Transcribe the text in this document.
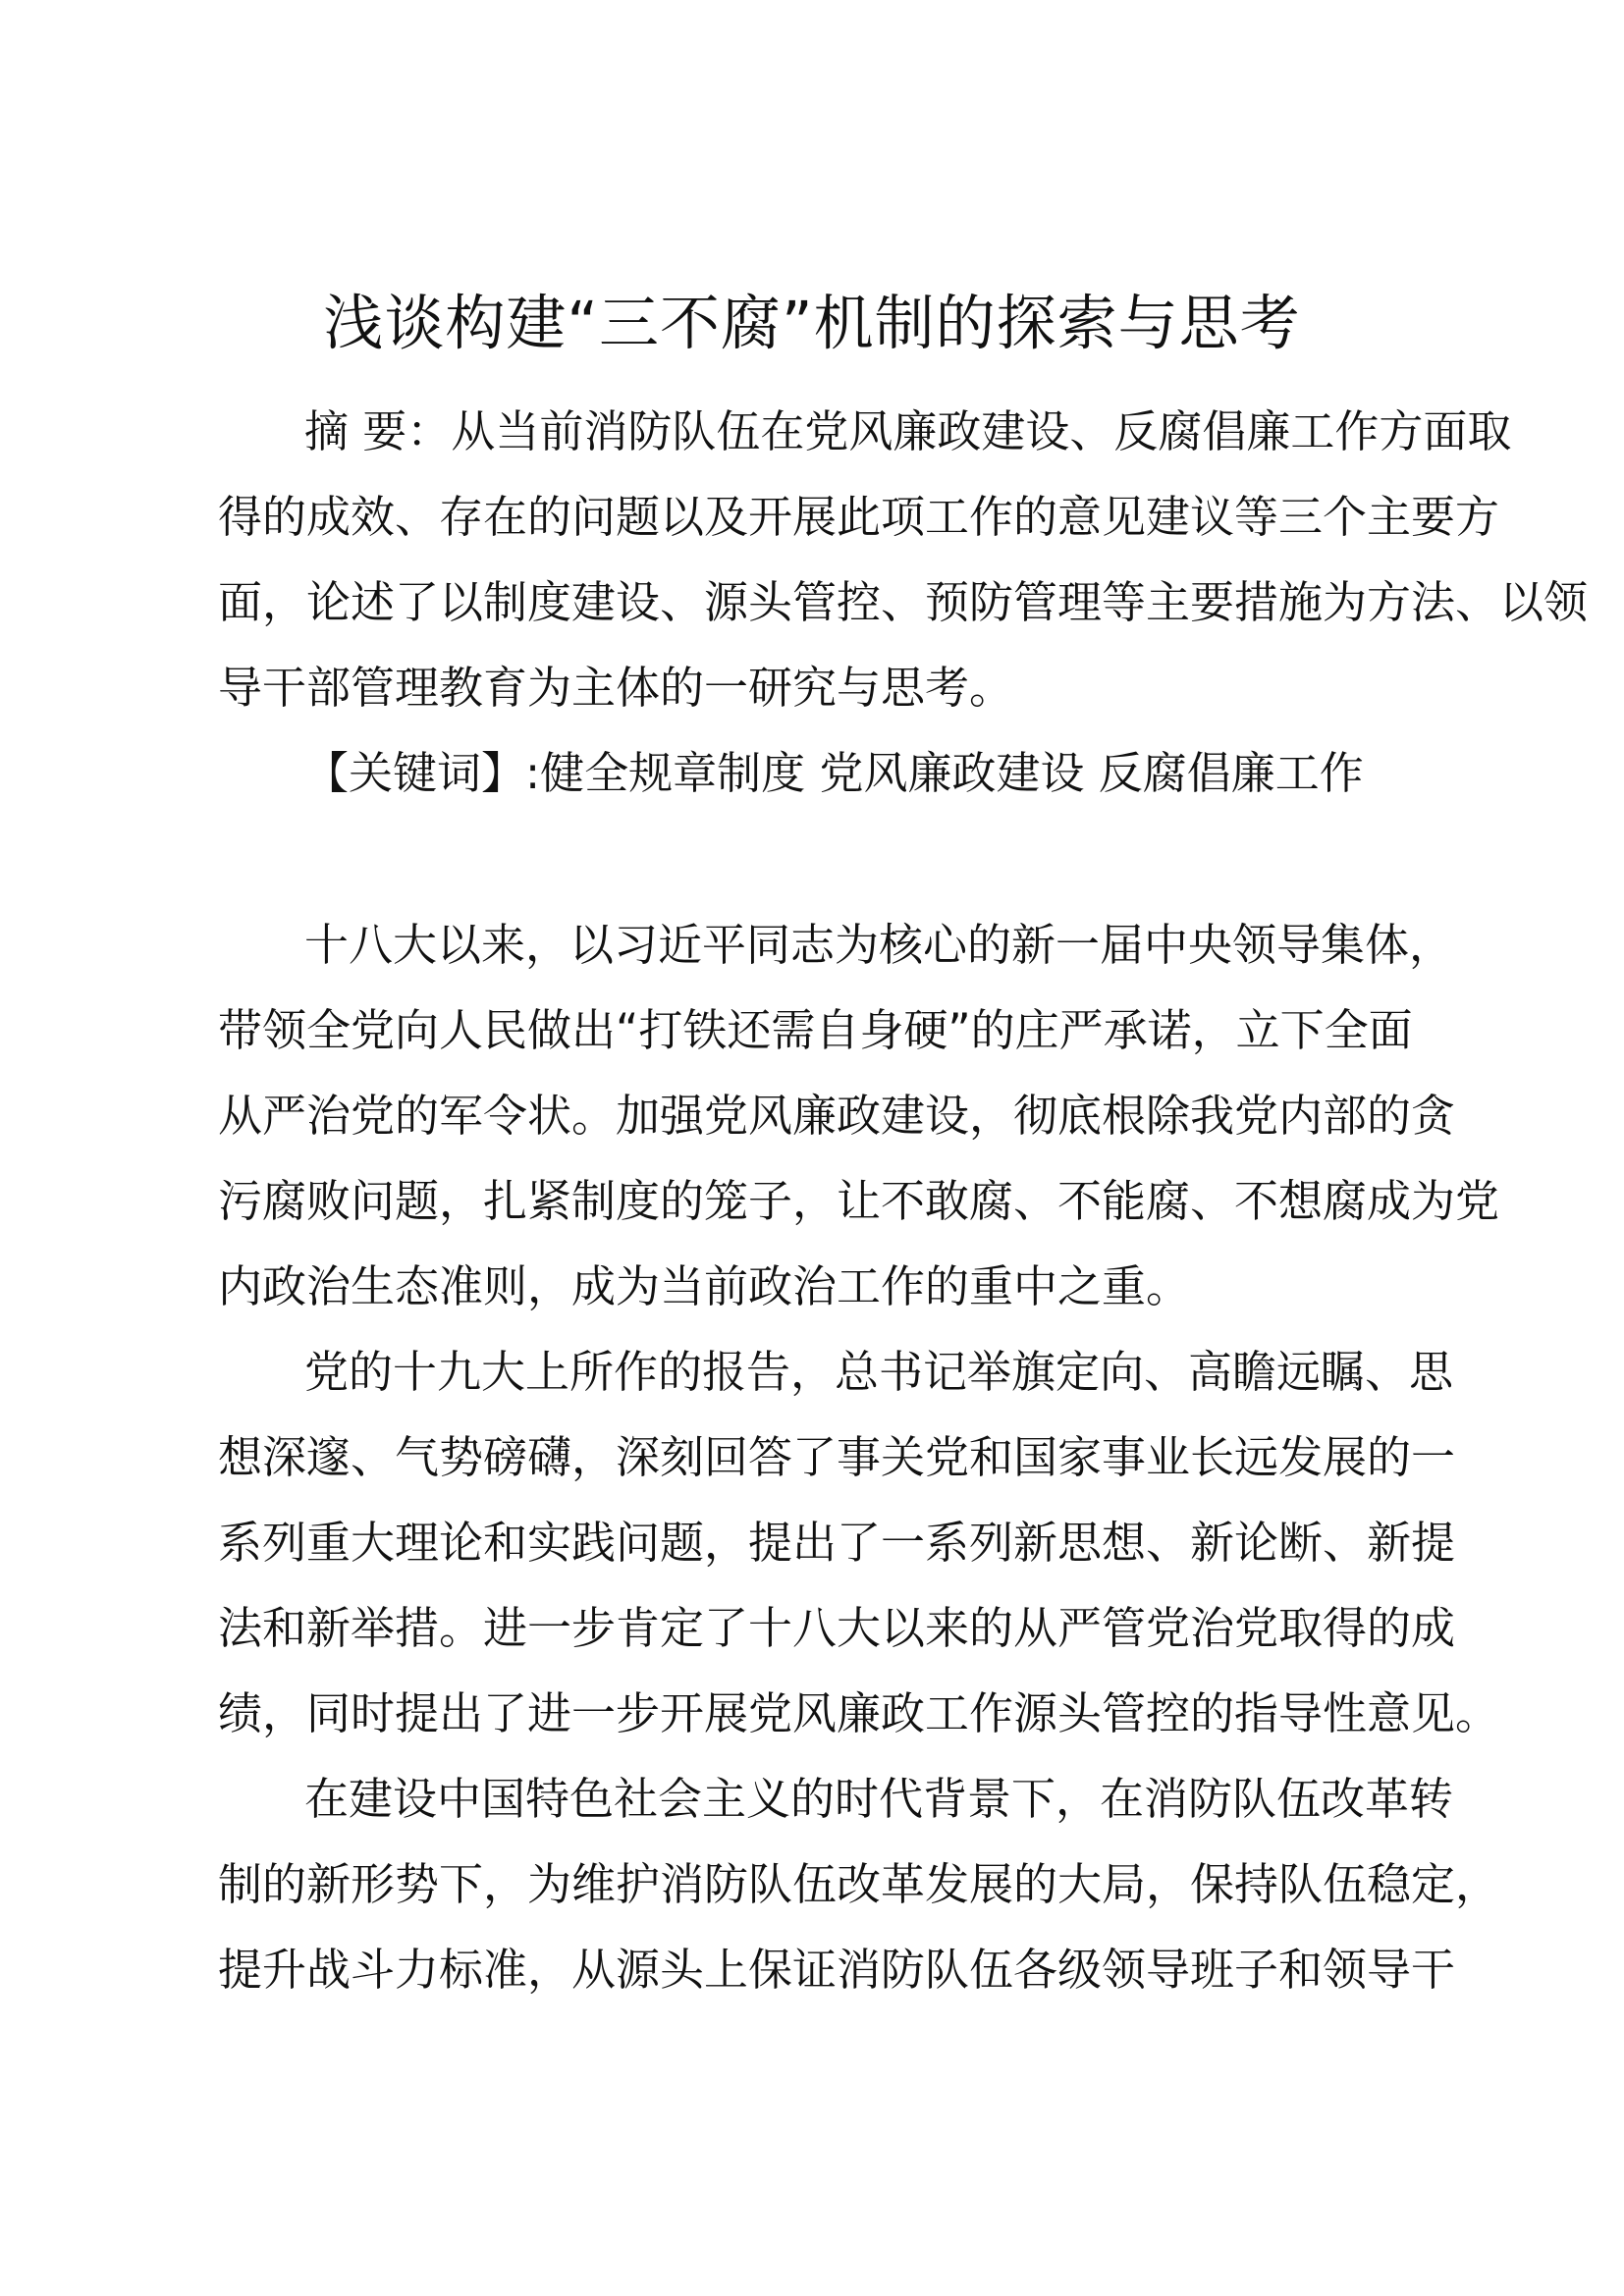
浅谈构建“三不腐”机制的探索与思考
摘 要：从当前消防队伍在党风廉政建设、反腐倡廉工作方面取
得的成效、存在的问题以及开展此项工作的意见建议等三个主要方
面，论述了以制度建设、源头管控、预防管理等主要措施为方法、以领
导干部管理教育为主体的一研究与思考。
【关键词】:健全规章制度 党风廉政建设 反腐倡廉工作
十八大以来，以习近平同志为核心的新一届中央领导集体，
带领全党向人民做出“打铁还需自身硬”的庄严承诺，立下全面
从严治党的军令状。加强党风廉政建设，彻底根除我党内部的贪
污腐败问题，扎紧制度的笼子，让不敢腐、不能腐、不想腐成为党
内政治生态准则，成为当前政治工作的重中之重。
党的十九大上所作的报告，总书记举旗定向、高瞻远瞩、思
想深邃、气势磅礴，深刻回答了事关党和国家事业长远发展的一
系列重大理论和实践问题，提出了一系列新思想、新论断、新提
法和新举措。进一步肯定了十八大以来的从严管党治党取得的成
绩，同时提出了进一步开展党风廉政工作源头管控的指导性意见。
在建设中国特色社会主义的时代背景下，在消防队伍改革转
制的新形势下，为维护消防队伍改革发展的大局，保持队伍稳定，
提升战斗力标准，从源头上保证消防队伍各级领导班子和领导干
